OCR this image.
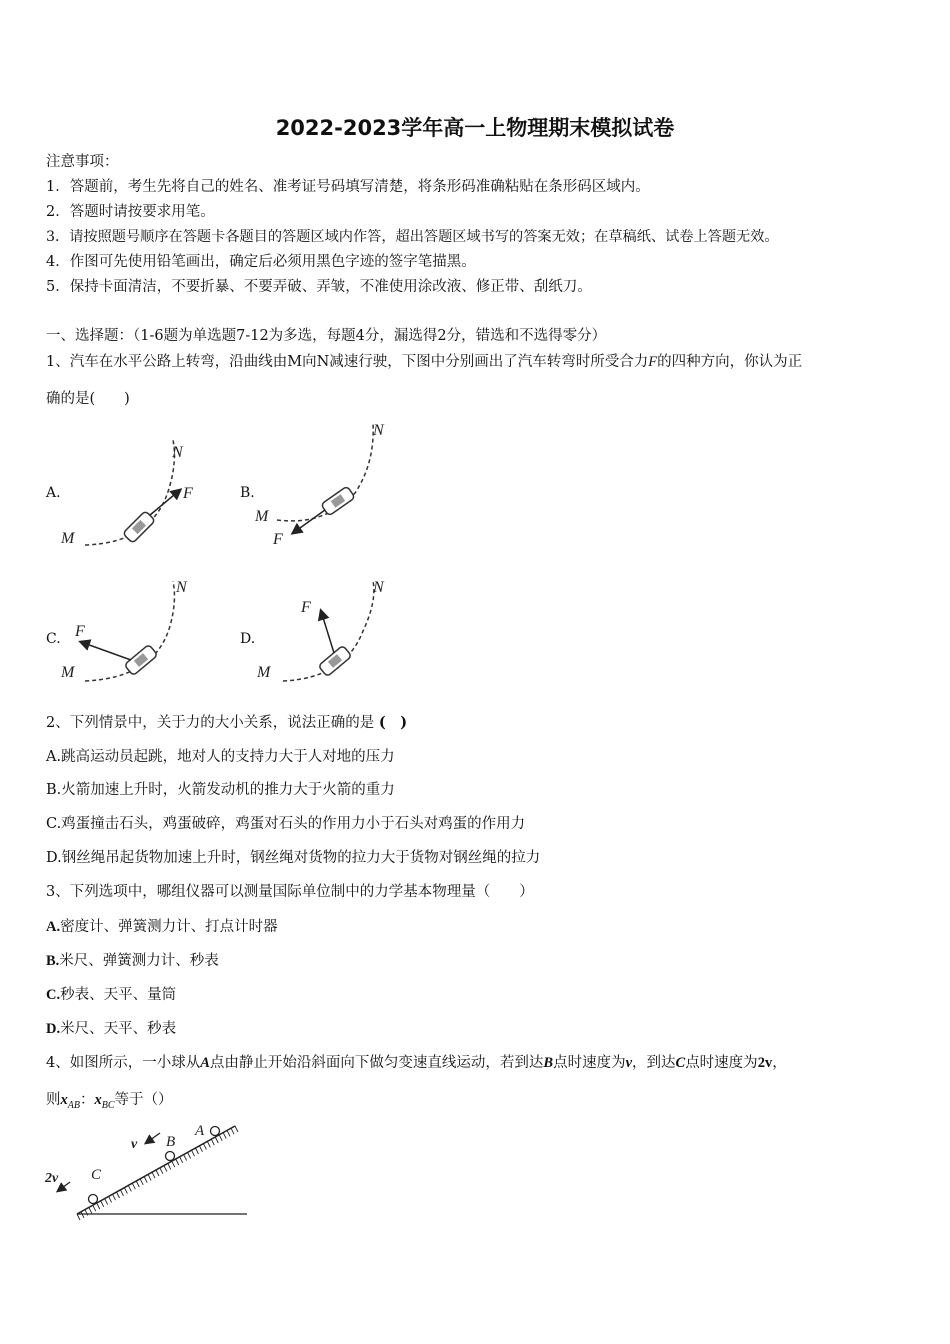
2022-2023学年高一上物理期末模拟试卷
注意事项：
1．答题前，考生先将自己的姓名、准考证号码填写清楚，将条形码准确粘贴在条形码区域内。
2．答题时请按要求用笔。
3．请按照题号顺序在答题卡各题目的答题区域内作答，超出答题区域书写的答案无效；在草稿纸、试卷上答题无效。
4．作图可先使用铅笔画出，确定后必须用黑色字迹的签字笔描黑。
5．保持卡面清洁，不要折暴、不要弄破、弄皱，不准使用涂改液、修正带、刮纸刀。
一、选择题：（1-6题为单选题7-12为多选，每题4分，漏选得2分，错选和不选得零分）
1、汽车在水平公路上转弯，沿曲线由M向N减速行驶，下图中分别画出了汽车转弯时所受合力F的四种方向，你认为正
确的是(　　)
A.	B.
C.	D.
M
N
F
M
N
F
M
N
F
M
N
F
2、下列情景中，关于力的大小关系，说法正确的是 (　)
A.跳高运动员起跳，地对人的支持力大于人对地的压力
B.火箭加速上升时，火箭发动机的推力大于火箭的重力
C.鸡蛋撞击石头，鸡蛋破碎，鸡蛋对石头的作用力小于石头对鸡蛋的作用力
D.钢丝绳吊起货物加速上升时，钢丝绳对货物的拉力大于货物对钢丝绳的拉力
3、下列选项中，哪组仪器可以测量国际单位制中的力学基本物理量（　　）
A.密度计、弹簧测力计、打点计时器
B.米尺、弹簧测力计、秒表
C.秒表、天平、量筒
D.米尺、天平、秒表
4、如图所示，一小球从A点由静止开始沿斜面向下做匀变速直线运动，若到达B点时速度为v，到达C点时速度为2v，
则$x_{AB}$：$x_{BC}$等于（）
A
B
C
v
2v
